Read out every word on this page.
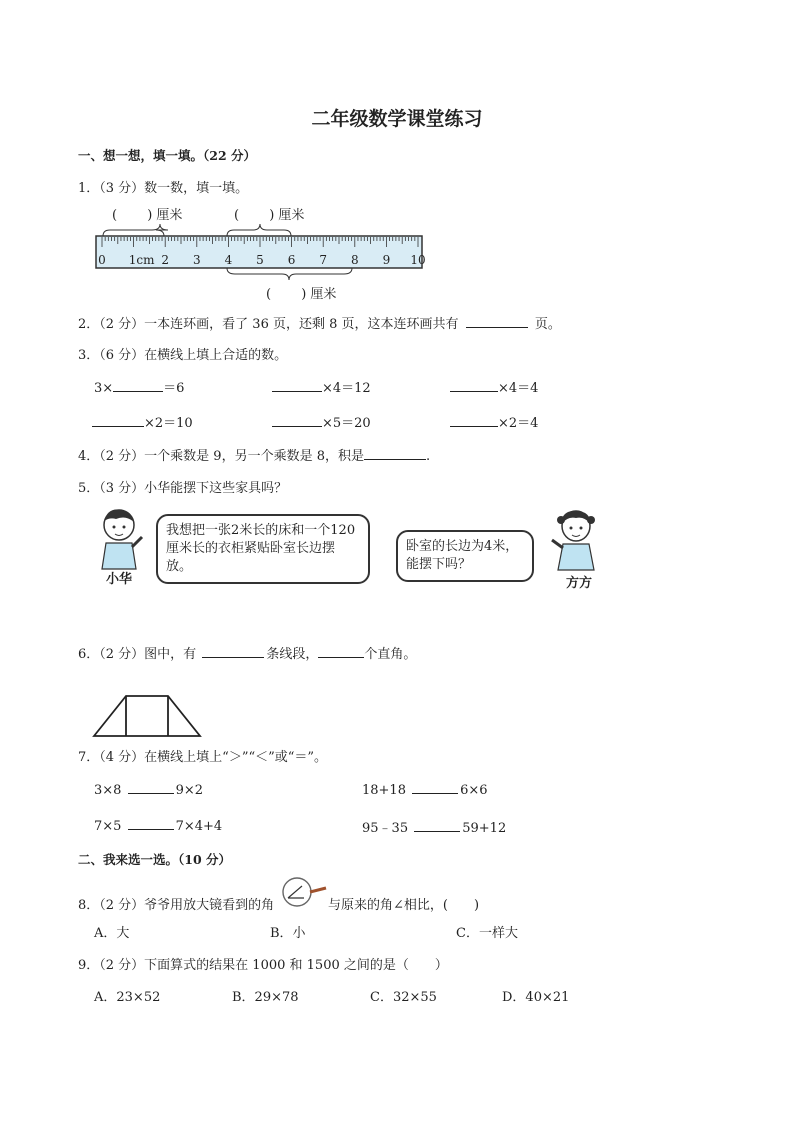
二年级数学课堂练习
一、想一想，填一填。（22 分）
1．（3 分）数一数，填一填。
(　　 ) 厘米	(　　 ) 厘米
(　　 ) 厘米
0 1cm 2 3 4 5 6 7 8 9 10
2．（2 分）一本连环画，看了 36 页，还剩 8 页，这本连环画共有	页。
3．（6 分）在横线上填上合适的数。
3×	＝6	×4＝12	×4＝4
×2＝10	×5＝20	×2＝4
4．（2 分）一个乘数是 9，另一个乘数是 8，积是	.
5．（3 分）小华能摆下这些家具吗？
小华
我想把一张2米长的床和一个120厘米长的衣柜紧贴卧室长边摆放。
卧室的长边为4米，能摆下吗？
方方
6．（2 分）图中，有	条线段，	个直角。
7．（4 分）在横线上填上“＞”“＜”或“＝”。
3×8	9×2	18+18	6×6
7×5	7×4+4	95﹣35	59+12
二、我来选一选。（10 分）
8．（2 分）爷爷用放大镜看到的角	与原来的角∠相比，(　　)
A．大	B．小	C．一样大
9．（2 分）下面算式的结果在 1000 和 1500 之间的是（　　）
A．23×52	B．29×78	C．32×55	D．40×21
